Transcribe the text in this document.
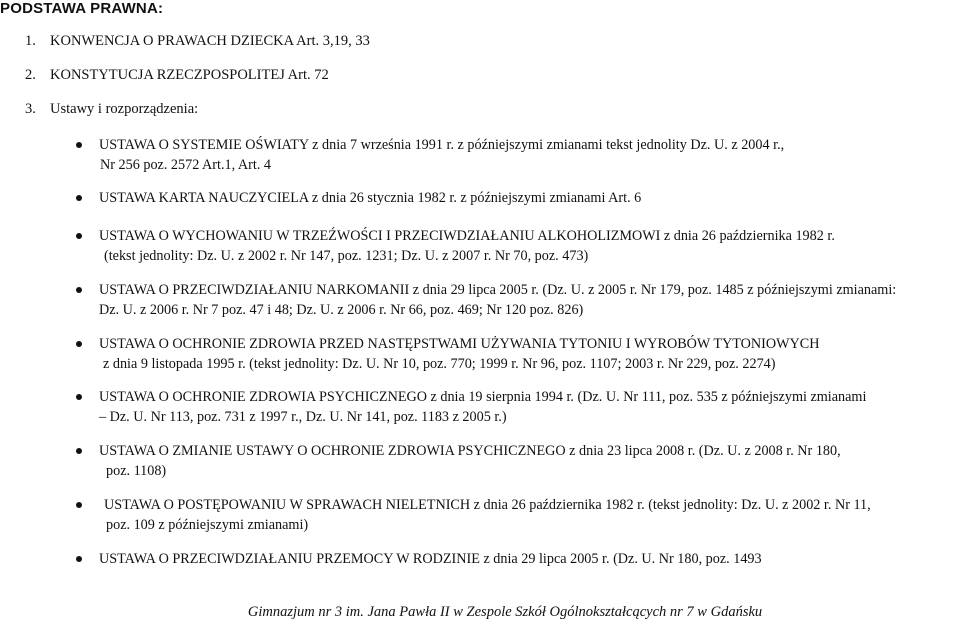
PODSTAWA PRAWNA:
1. KONWENCJA O PRAWACH DZIECKA Art. 3,19, 33
2. KONSTYTUCJA RZECZPOSPOLITEJ Art. 72
3. Ustawy i rozporządzenia:
USTAWA O SYSTEMIE OŚWIATY z dnia 7 września 1991 r. z późniejszymi zmianami tekst jednolity Dz. U. z 2004 r.,
Nr 256 poz. 2572 Art.1, Art. 4
USTAWA KARTA NAUCZYCIELA z dnia 26 stycznia 1982 r. z późniejszymi zmianami Art. 6
USTAWA O WYCHOWANIU W TRZEŹWOŚCI I PRZECIWDZIAŁANIU ALKOHOLIZMOWI z dnia 26 października 1982 r.
(tekst jednolity: Dz. U. z 2002 r. Nr 147, poz. 1231; Dz. U. z 2007 r. Nr 70, poz. 473)
USTAWA O PRZECIWDZIAŁANIU NARKOMANII z dnia 29 lipca 2005 r. (Dz. U. z 2005 r. Nr 179, poz. 1485 z późniejszymi zmianami:
Dz. U. z 2006 r. Nr 7 poz. 47 i 48; Dz. U. z 2006 r. Nr 66, poz. 469; Nr 120 poz. 826)
USTAWA O OCHRONIE ZDROWIA PRZED NASTĘPSTWAMI UŻYWANIA TYTONIU I WYROBÓW TYTONIOWYCH
z dnia 9 listopada 1995 r. (tekst jednolity: Dz. U. Nr 10, poz. 770; 1999 r. Nr 96, poz. 1107; 2003 r. Nr 229, poz. 2274)
USTAWA O OCHRONIE ZDROWIA PSYCHICZNEGO z dnia 19 sierpnia 1994 r. (Dz. U. Nr 111, poz. 535 z późniejszymi zmianami
– Dz. U. Nr 113, poz. 731 z 1997 r., Dz. U. Nr 141, poz. 1183 z 2005 r.)
USTAWA O ZMIANIE USTAWY O OCHRONIE ZDROWIA PSYCHICZNEGO z dnia 23 lipca 2008 r. (Dz. U. z 2008 r. Nr 180,
poz. 1108)
USTAWA O POSTĘPOWANIU W SPRAWACH NIELETNICH z dnia 26 października 1982 r. (tekst jednolity: Dz. U. z 2002 r. Nr 11,
poz. 109 z późniejszymi zmianami)
USTAWA O PRZECIWDZIAŁANIU PRZEMOCY W RODZINIE z dnia 29 lipca 2005 r. (Dz. U. Nr 180, poz. 1493
Gimnazjum nr 3 im. Jana Pawła II w Zespole Szkół Ogólnokształcących nr 7 w Gdańsku
